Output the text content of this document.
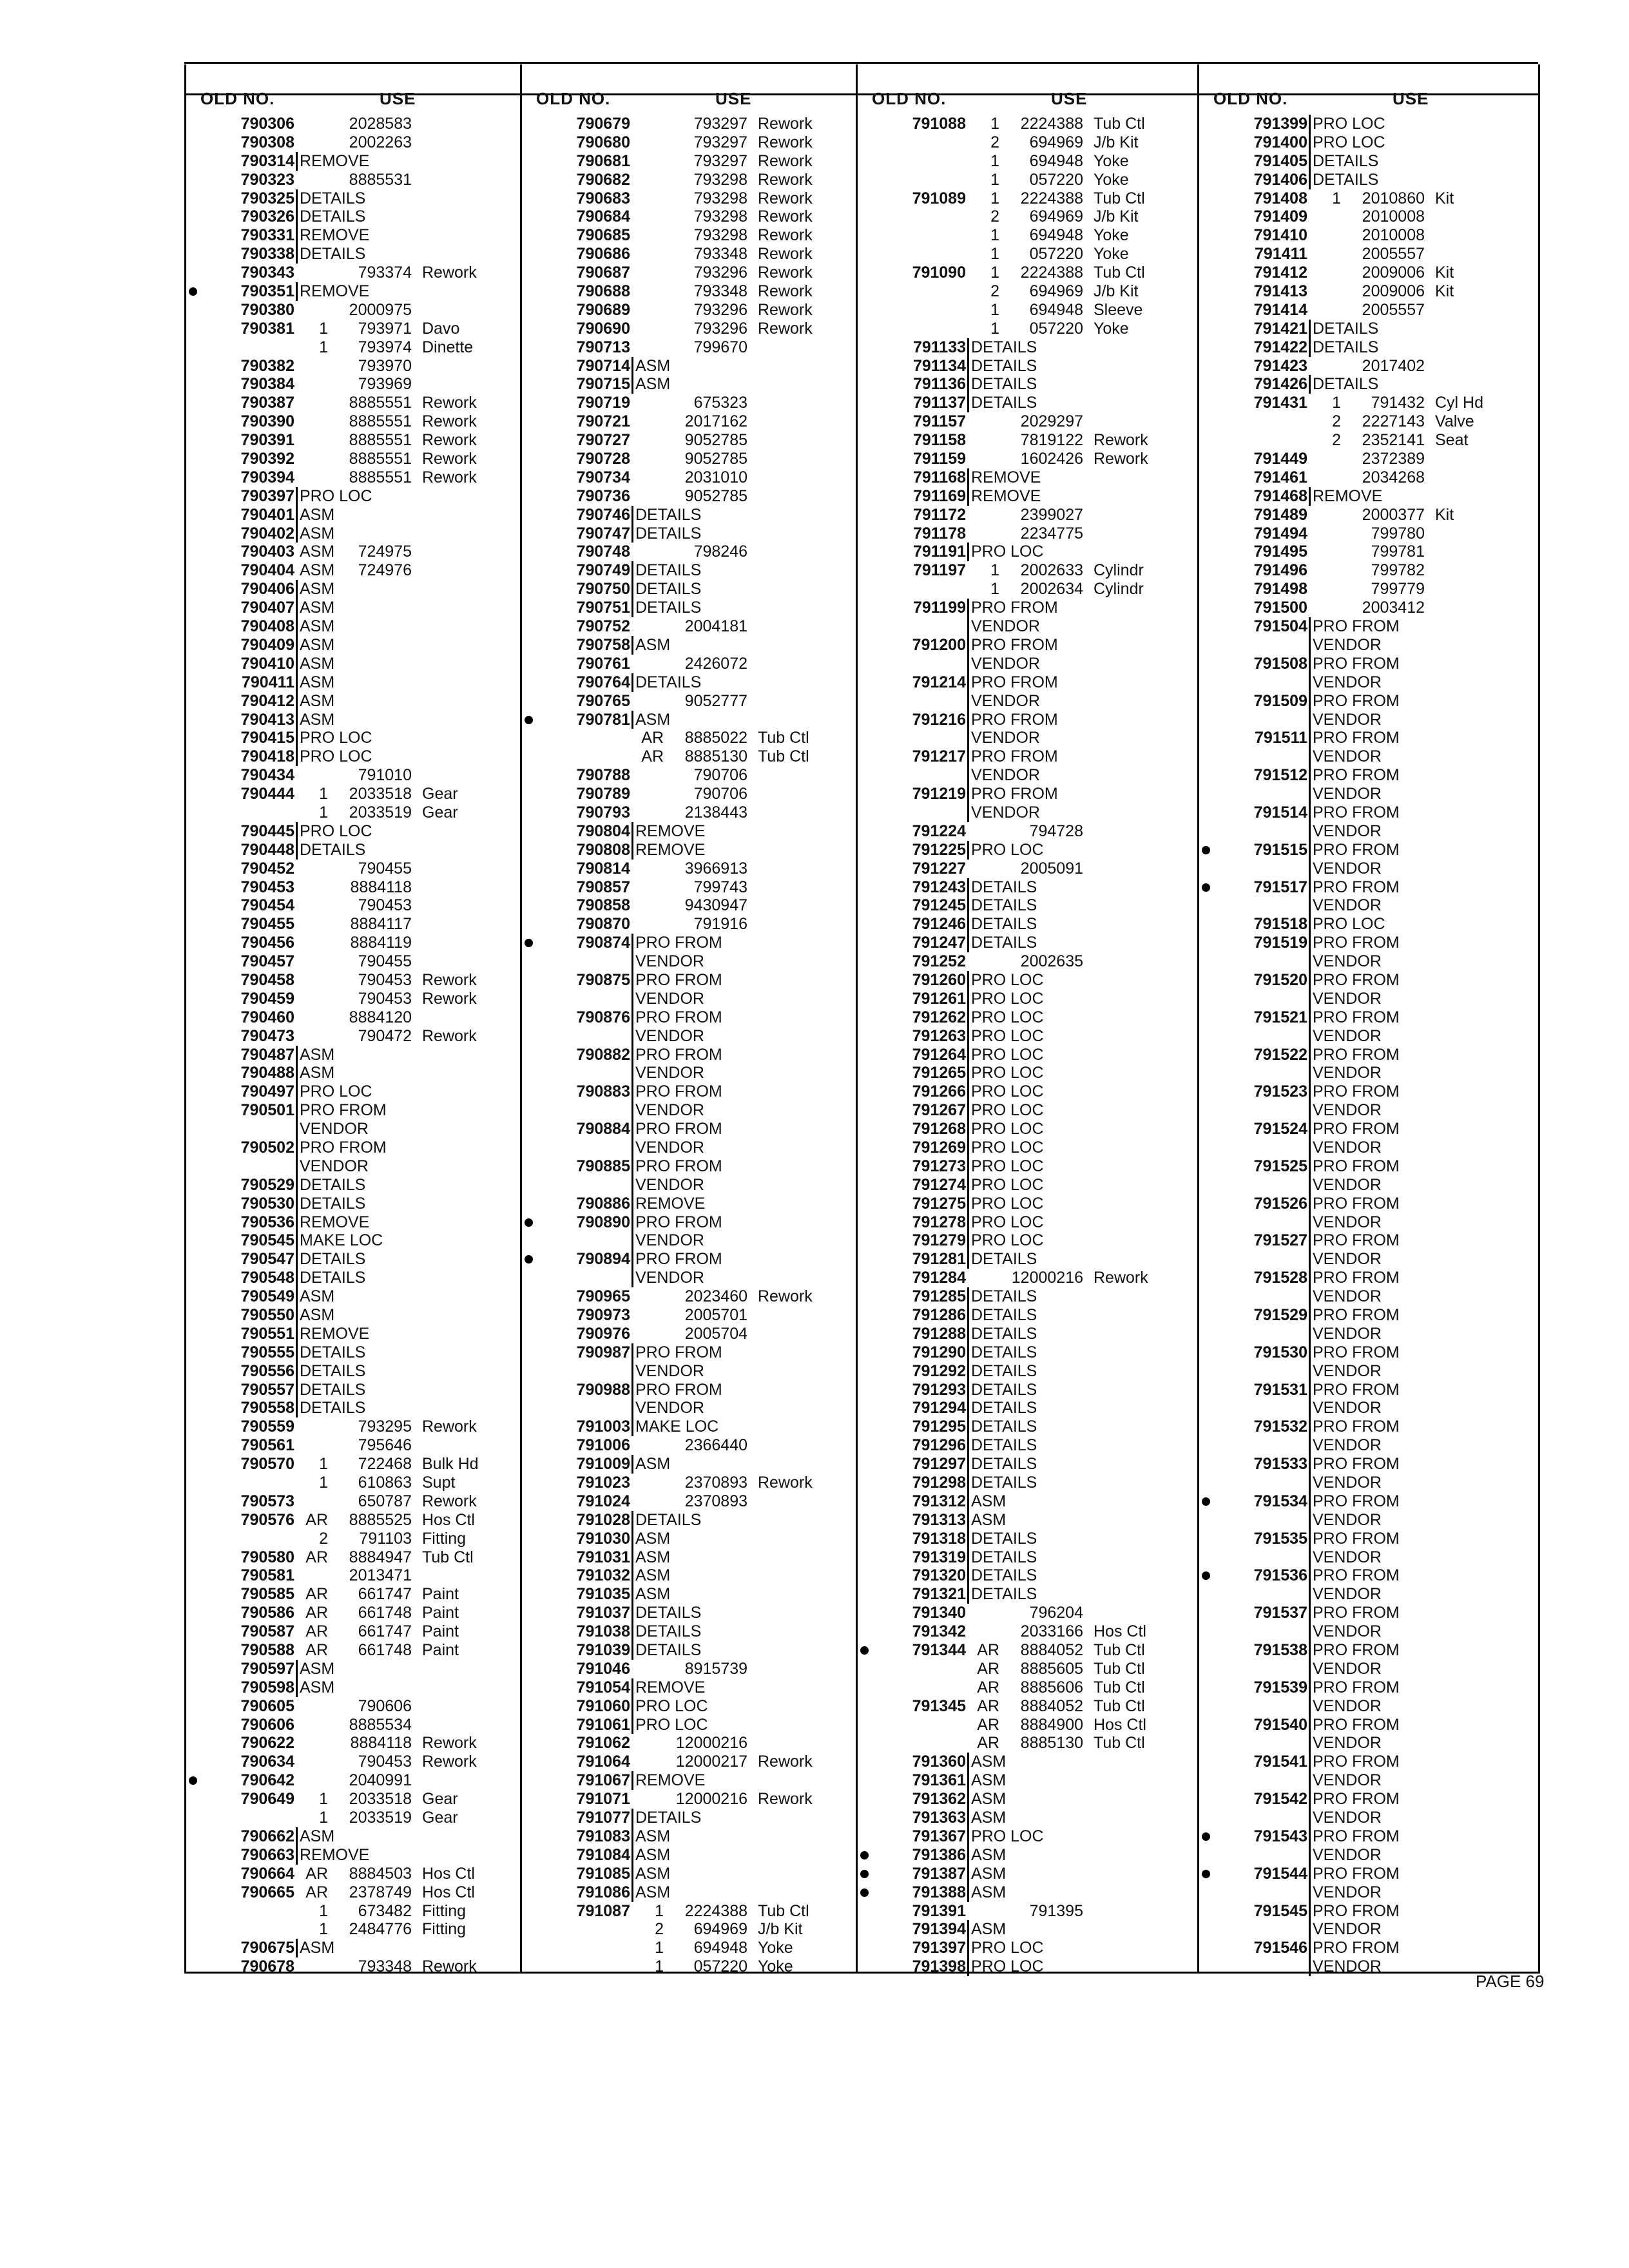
OLD NO.	USE
790306	2028583
790308	2002263
790314 REMOVE
790323	8885531
790325 DETAILS
790326 DETAILS
790331 REMOVE
790338 DETAILS
790343	793374 Rework
790351 REMOVE
790380	2000975
790381	1 793971 Davo
1 793974 Dinette
790382	793970
790384	793969
790387	8885551 Rework
790390	8885551 Rework
790391	8885551 Rework
790392	8885551 Rework
790394	8885551 Rework
790397 PRO LOC
790401 ASM
790402 ASM
790403 ASM 724975
790404 ASM 724976
790406 ASM
790407 ASM
790408 ASM
790409 ASM
790410 ASM
790411 ASM
790412 ASM
790413 ASM
790415 PRO LOC
790418 PRO LOC
790434	791010
790444	1 2033518 Gear
1 2033519 Gear
790445 PRO LOC
790448 DETAILS
790452	790455
790453	8884118
790454	790453
790455	8884117
790456	8884119
790457	790455
790458	790453 Rework
790459	790453 Rework
790460	8884120
790473	790472 Rework
790487 ASM
790488 ASM
790497 PRO LOC
790501 PRO FROM
VENDOR
790502 PRO FROM
VENDOR
790529 DETAILS
790530 DETAILS
790536 REMOVE
790545 MAKE LOC
790547 DETAILS
790548 DETAILS
790549 ASM
790550 ASM
790551 REMOVE
790555 DETAILS
790556 DETAILS
790557 DETAILS
790558 DETAILS
790559	793295 Rework
790561	795646
790570	1 722468 Bulk Hd
1 610863 Supt
790573	650787 Rework
790576 AR 8885525 Hos Ctl
2 791103 Fitting
790580 AR 8884947 Tub Ctl
790581	2013471
790585 AR 661747 Paint
790586 AR 661748 Paint
790587 AR 661747 Paint
790588 AR 661748 Paint
790597 ASM
790598 ASM
790605	790606
790606	8885534
790622	8884118 Rework
790634	790453 Rework
790642	2040991
790649	1 2033518 Gear
1 2033519 Gear
790662 ASM
790663 REMOVE
790664 AR 8884503 Hos Ctl
790665 AR 2378749 Hos Ctl
1 673482 Fitting
1 2484776 Fitting
790675 ASM
790678	793348 Rework
OLD NO.	USE
790679	793297 Rework
790680	793297 Rework
790681	793297 Rework
790682	793298 Rework
790683	793298 Rework
790684	793298 Rework
790685	793298 Rework
790686	793348 Rework
790687	793296 Rework
790688	793348 Rework
790689	793296 Rework
790690	793296 Rework
790713	799670
790714 ASM
790715 ASM
790719	675323
790721	2017162
790727	9052785
790728	9052785
790734	2031010
790736	9052785
790746 DETAILS
790747 DETAILS
790748	798246
790749 DETAILS
790750 DETAILS
790751 DETAILS
790752	2004181
790758 ASM
790761	2426072
790764 DETAILS
790765	9052777
790781 ASM
AR 8885022 Tub Ctl
AR 8885130 Tub Ctl
790788	790706
790789	790706
790793	2138443
790804 REMOVE
790808 REMOVE
790814	3966913
790857	799743
790858	9430947
790870	791916
790874 PRO FROM
VENDOR
790875 PRO FROM
VENDOR
790876 PRO FROM
VENDOR
790882 PRO FROM
VENDOR
790883 PRO FROM
VENDOR
790884 PRO FROM
VENDOR
790885 PRO FROM
VENDOR
790886 REMOVE
790890 PRO FROM
VENDOR
790894 PRO FROM
VENDOR
790965	2023460 Rework
790973	2005701
790976	2005704
790987 PRO FROM
VENDOR
790988 PRO FROM
VENDOR
791003 MAKE LOC
791006	2366440
791009 ASM
791023	2370893 Rework
791024	2370893
791028 DETAILS
791030 ASM
791031 ASM
791032 ASM
791035 ASM
791037 DETAILS
791038 DETAILS
791039 DETAILS
791046	8915739
791054 REMOVE
791060 PRO LOC
791061 PRO LOC
791062	12000216
791064	12000217 Rework
791067 REMOVE
791071	12000216 Rework
791077 DETAILS
791083 ASM
791084 ASM
791085 ASM
791086 ASM
791087	1 2224388 Tub Ctl
2 694969 J/b Kit
1 694948 Yoke
1 057220 Yoke
OLD NO.	USE
791088	1 2224388 Tub Ctl
2 694969 J/b Kit
1 694948 Yoke
1 057220 Yoke
791089	1 2224388 Tub Ctl
2 694969 J/b Kit
1 694948 Yoke
1 057220 Yoke
791090	1 2224388 Tub Ctl
2 694969 J/b Kit
1 694948 Sleeve
1 057220 Yoke
791133 DETAILS
791134 DETAILS
791136 DETAILS
791137 DETAILS
791157	2029297
791158	7819122 Rework
791159	1602426 Rework
791168 REMOVE
791169 REMOVE
791172	2399027
791178	2234775
791191 PRO LOC
791197	1 2002633 Cylindr
1 2002634 Cylindr
791199 PRO FROM
VENDOR
791200 PRO FROM
VENDOR
791214 PRO FROM
VENDOR
791216 PRO FROM
VENDOR
791217 PRO FROM
VENDOR
791219 PRO FROM
VENDOR
791224	794728
791225 PRO LOC
791227	2005091
791243 DETAILS
791245 DETAILS
791246 DETAILS
791247 DETAILS
791252	2002635
791260 PRO LOC
791261 PRO LOC
791262 PRO LOC
791263 PRO LOC
791264 PRO LOC
791265 PRO LOC
791266 PRO LOC
791267 PRO LOC
791268 PRO LOC
791269 PRO LOC
791273 PRO LOC
791274 PRO LOC
791275 PRO LOC
791278 PRO LOC
791279 PRO LOC
791281 DETAILS
791284	12000216 Rework
791285 DETAILS
791286 DETAILS
791288 DETAILS
791290 DETAILS
791292 DETAILS
791293 DETAILS
791294 DETAILS
791295 DETAILS
791296 DETAILS
791297 DETAILS
791298 DETAILS
791312 ASM
791313 ASM
791318 DETAILS
791319 DETAILS
791320 DETAILS
791321 DETAILS
791340	796204
791342	2033166 Hos Ctl
791344 AR 8884052 Tub Ctl
AR 8885605 Tub Ctl
AR 8885606 Tub Ctl
791345 AR 8884052 Tub Ctl
AR 8884900 Hos Ctl
AR 8885130 Tub Ctl
791360 ASM
791361 ASM
791362 ASM
791363 ASM
791367 PRO LOC
791386 ASM
791387 ASM
791388 ASM
791391	791395
791394 ASM
791397 PRO LOC
791398 PRO LOC
OLD NO.	USE
791399 PRO LOC
791400 PRO LOC
791405 DETAILS
791406 DETAILS
791408	1 2010860 Kit
791409	2010008
791410	2010008
791411	2005557
791412	2009006 Kit
791413	2009006 Kit
791414	2005557
791421 DETAILS
791422 DETAILS
791423	2017402
791426 DETAILS
791431	1 791432 Cyl Hd
2 2227143 Valve
2 2352141 Seat
791449	2372389
791461	2034268
791468 REMOVE
791489	2000377 Kit
791494	799780
791495	799781
791496	799782
791498	799779
791500	2003412
791504 PRO FROM
VENDOR
791508 PRO FROM
VENDOR
791509 PRO FROM
VENDOR
791511 PRO FROM
VENDOR
791512 PRO FROM
VENDOR
791514 PRO FROM
VENDOR
791515 PRO FROM
VENDOR
791517 PRO FROM
VENDOR
791518 PRO LOC
791519 PRO FROM
VENDOR
791520 PRO FROM
VENDOR
791521 PRO FROM
VENDOR
791522 PRO FROM
VENDOR
791523 PRO FROM
VENDOR
791524 PRO FROM
VENDOR
791525 PRO FROM
VENDOR
791526 PRO FROM
VENDOR
791527 PRO FROM
VENDOR
791528 PRO FROM
VENDOR
791529 PRO FROM
VENDOR
791530 PRO FROM
VENDOR
791531 PRO FROM
VENDOR
791532 PRO FROM
VENDOR
791533 PRO FROM
VENDOR
791534 PRO FROM
VENDOR
791535 PRO FROM
VENDOR
791536 PRO FROM
VENDOR
791537 PRO FROM
VENDOR
791538 PRO FROM
VENDOR
791539 PRO FROM
VENDOR
791540 PRO FROM
VENDOR
791541 PRO FROM
VENDOR
791542 PRO FROM
VENDOR
791543 PRO FROM
VENDOR
791544 PRO FROM
VENDOR
791545 PRO FROM
VENDOR
791546 PRO FROM
VENDOR
PAGE 69
